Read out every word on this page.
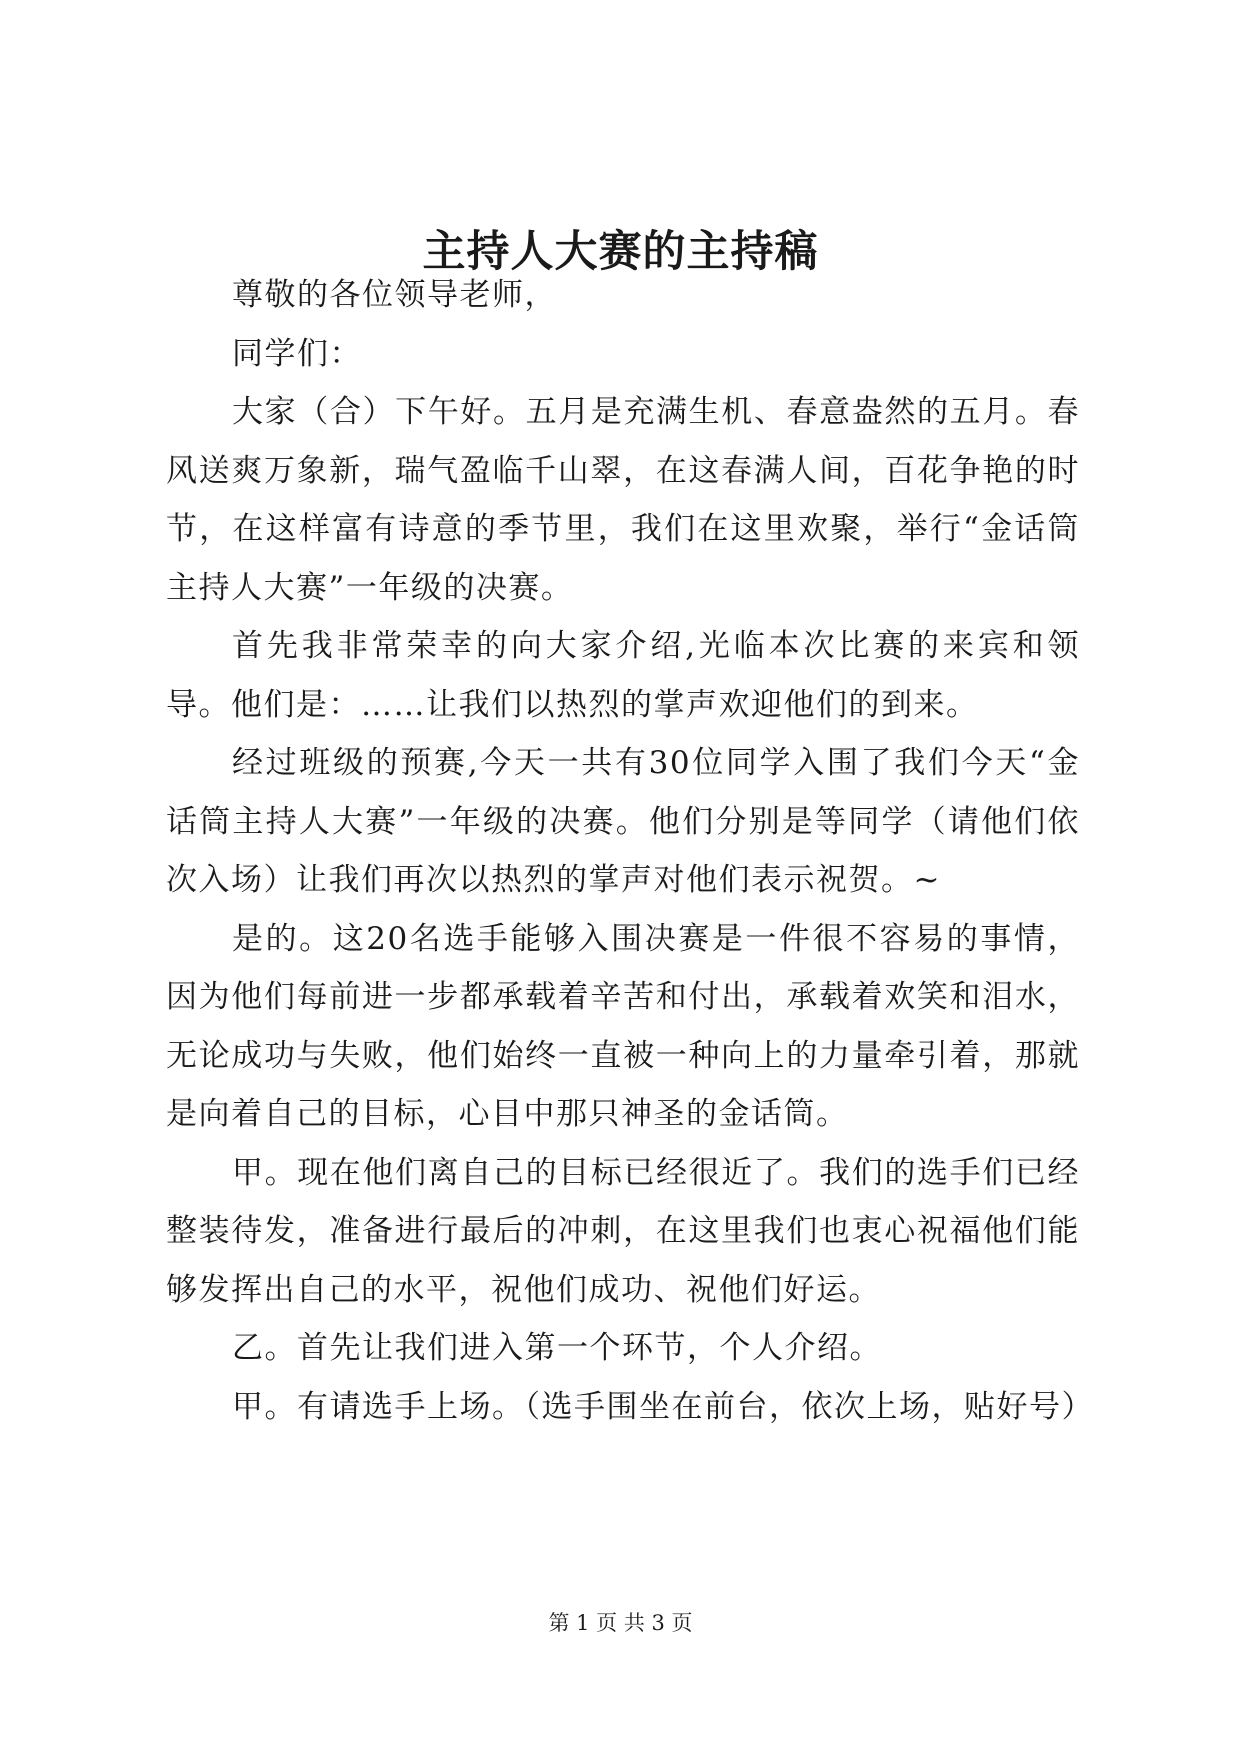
主持人大赛的主持稿

尊敬的各位领导老师，

同学们：

大家（合）下午好。五月是充满生机、春意盎然的五月。春风送爽万象新，瑞气盈临千山翠，在这春满人间，百花争艳的时节，在这样富有诗意的季节里，我们在这里欢聚，举行“金话筒主持人大赛”一年级的决赛。

首先我非常荣幸的向大家介绍,光临本次比赛的来宾和领导。他们是：……让我们以热烈的掌声欢迎他们的到来。

经过班级的预赛,今天一共有30位同学入围了我们今天“金话筒主持人大赛”一年级的决赛。他们分别是等同学（请他们依次入场）让我们再次以热烈的掌声对他们表示祝贺。~

是的。这20名选手能够入围决赛是一件很不容易的事情，因为他们每前进一步都承载着辛苦和付出，承载着欢笑和泪水，无论成功与失败，他们始终一直被一种向上的力量牵引着，那就是向着自己的目标，心目中那只神圣的金话筒。

甲。现在他们离自己的目标已经很近了。我们的选手们已经整装待发，准备进行最后的冲刺，在这里我们也衷心祝福他们能够发挥出自己的水平，祝他们成功、祝他们好运。

乙。首先让我们进入第一个环节，个人介绍。

甲。有请选手上场。（选手围坐在前台，依次上场，贴好号）

第 1 页 共 3 页
